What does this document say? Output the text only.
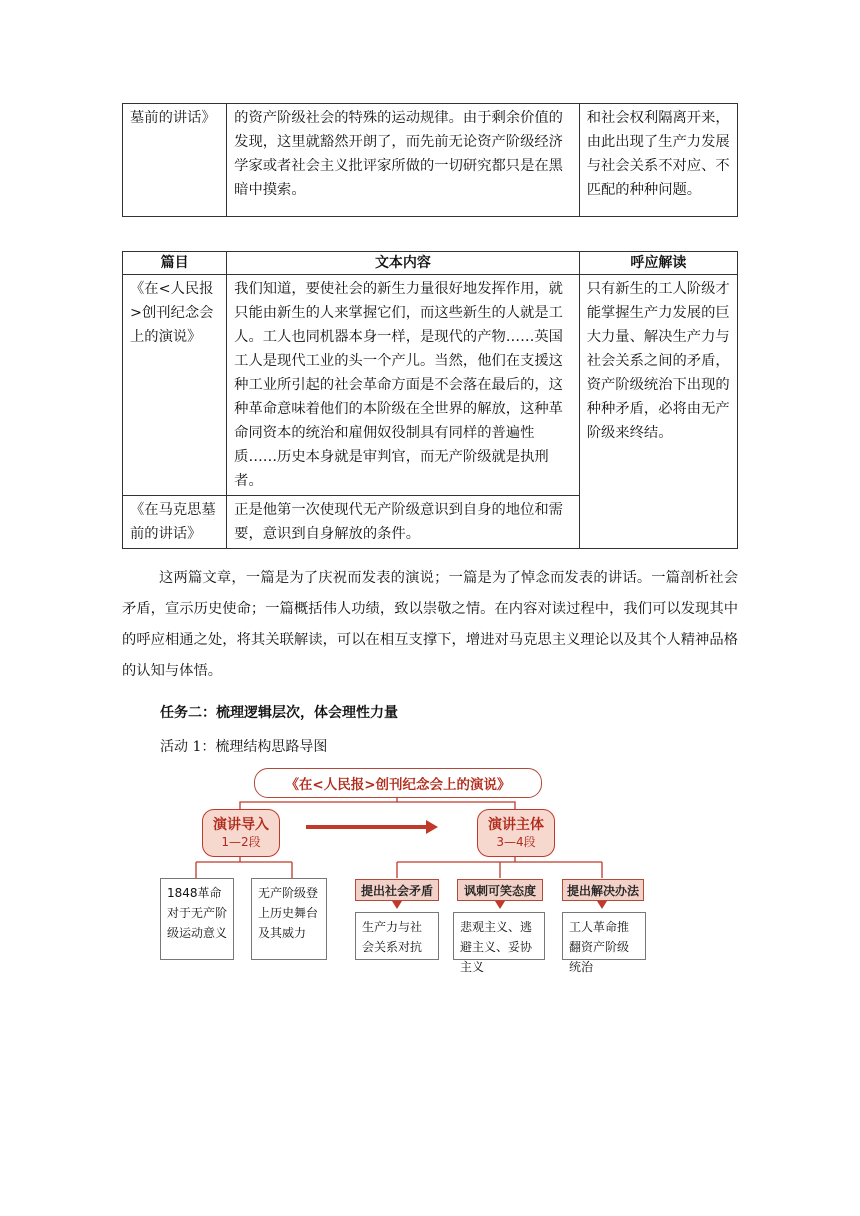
墓前的讲话》	的资产阶级社会的特殊的运动规律。由于剩余价值的发现，这里就豁然开朗了，而先前无论资产阶级经济学家或者社会主义批评家所做的一切研究都只是在黑暗中摸索。	和社会权利隔离开来，由此出现了生产力发展与社会关系不对应、不匹配的种种问题。
篇目	文本内容	呼应解读
《在<人民报>创刊纪念会上的演说》	我们知道，要使社会的新生力量很好地发挥作用，就只能由新生的人来掌握它们，而这些新生的人就是工人。工人也同机器本身一样，是现代的产物……英国工人是现代工业的头一个产儿。当然，他们在支援这种工业所引起的社会革命方面是不会落在最后的，这种革命意味着他们的本阶级在全世界的解放，这种革命同资本的统治和雇佣奴役制具有同样的普遍性质……历史本身就是审判官，而无产阶级就是执刑者。	只有新生的工人阶级才能掌握生产力发展的巨大力量、解决生产力与社会关系之间的矛盾，资产阶级统治下出现的种种矛盾，必将由无产阶级来终结。
《在马克思墓前的讲话》	正是他第一次使现代无产阶级意识到自身的地位和需要，意识到自身解放的条件。	

这两篇文章，一篇是为了庆祝而发表的演说；一篇是为了悼念而发表的讲话。一篇剖析社会矛盾，宣示历史使命；一篇概括伟人功绩，致以崇敬之情。在内容对读过程中，我们可以发现其中的呼应相通之处，将其关联解读，可以在相互支撑下，增进对马克思主义理论以及其个人精神品格的认知与体悟。

任务二：梳理逻辑层次，体会理性力量
活动 1：梳理结构思路导图
《在<人民报>创刊纪念会上的演说》
演讲导入
1—2段
演讲主体
3—4段
1848革命对于无产阶级运动意义
无产阶级登上历史舞台及其威力
提出社会矛盾	讽刺可笑态度	提出解决办法
生产力与社会关系对抗
悲观主义、逃避主义、妥协主义
工人革命推翻资产阶级统治
